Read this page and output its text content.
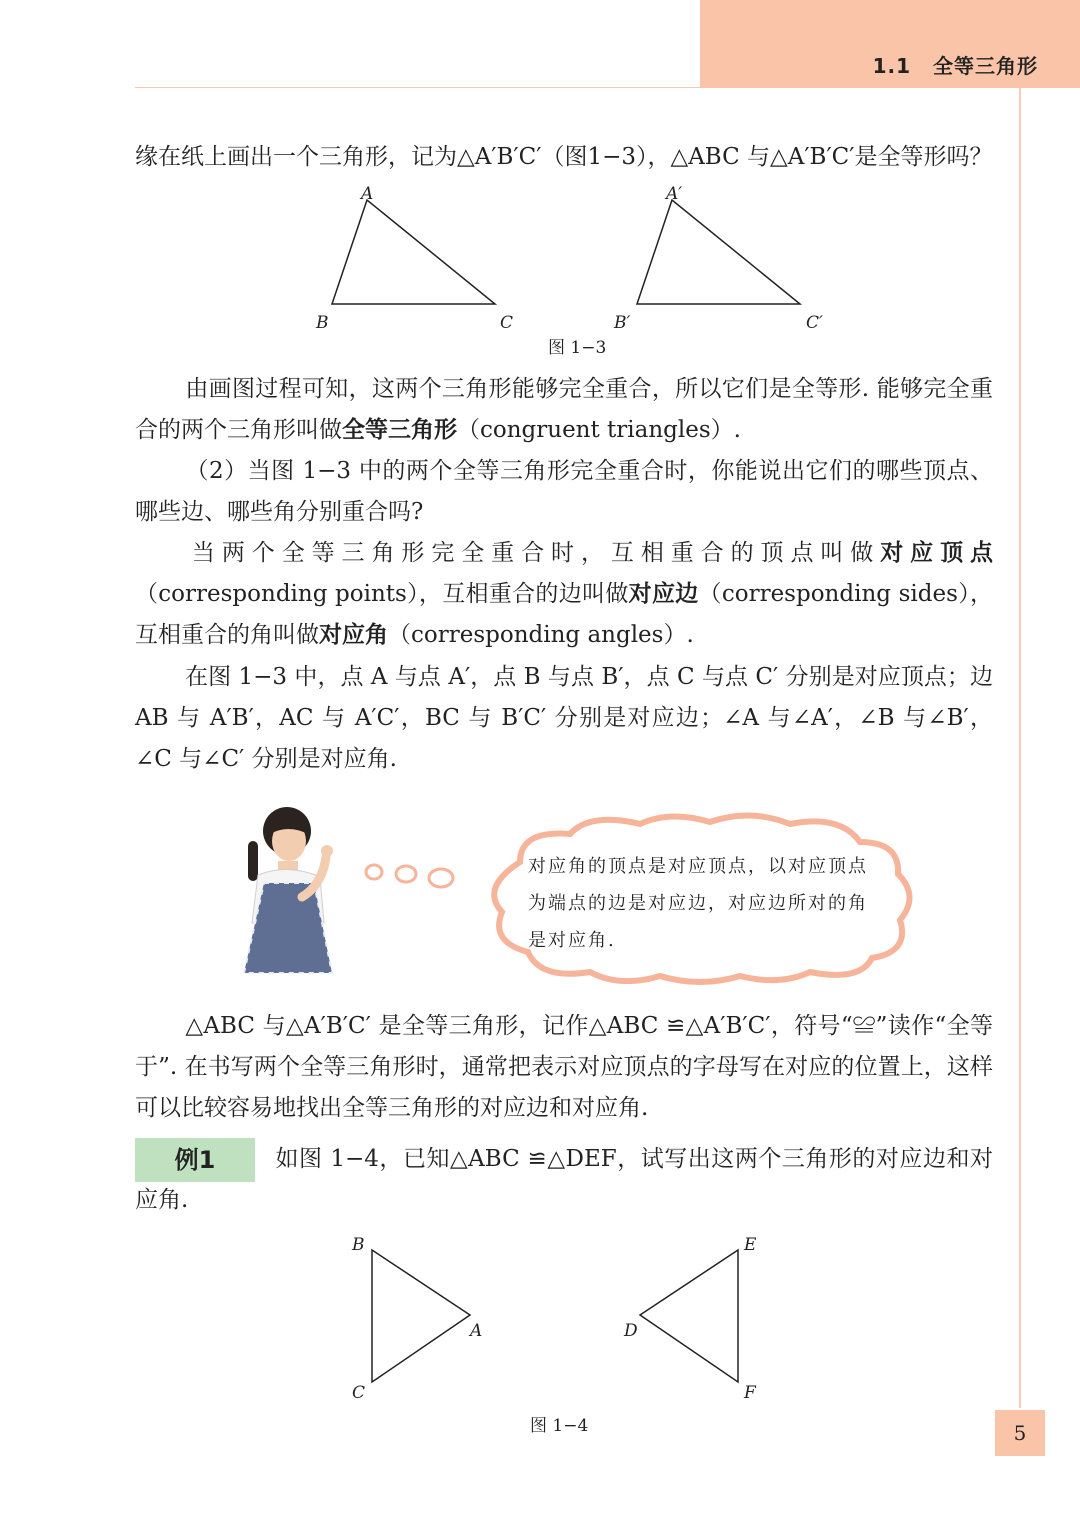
1.1 全等三角形

缘在纸上画出一个三角形，记为△A′B′C′（图1−3），△ABC 与△A′B′C′是全等形吗？

A
B	C
A′
B′	C′
图 1−3

由画图过程可知，这两个三角形能够完全重合，所以它们是全等形. 能够完全重合的两个三角形叫做全等三角形（congruent triangles）.

（2）当图 1−3 中的两个全等三角形完全重合时，你能说出它们的哪些顶点、哪些边、哪些角分别重合吗?

当两个全等三角形完全重合时，互相重合的顶点叫做对应顶点（corresponding points），互相重合的边叫做对应边（corresponding sides），互相重合的角叫做对应角（corresponding angles）.

在图 1−3 中，点 A 与点 A′，点 B 与点 B′，点 C 与点 C′ 分别是对应顶点；边 AB 与 A′B′，AC 与 A′C′，BC 与 B′C′ 分别是对应边；∠A 与∠A′，∠B 与∠B′，∠C 与∠C′ 分别是对应角.

对应角的顶点是对应顶点，以对应顶点为端点的边是对应边，对应边所对的角是对应角.

△ABC 与△A′B′C′ 是全等三角形，记作△ABC ≌△A′B′C′，符号“≌”读作“全等于”. 在书写两个全等三角形时，通常把表示对应顶点的字母写在对应的位置上，这样可以比较容易地找出全等三角形的对应边和对应角.

例1	如图 1−4，已知△ABC ≌△DEF，试写出这两个三角形的对应边和对应角.

B
A
C
E
D
F
图 1−4	5
